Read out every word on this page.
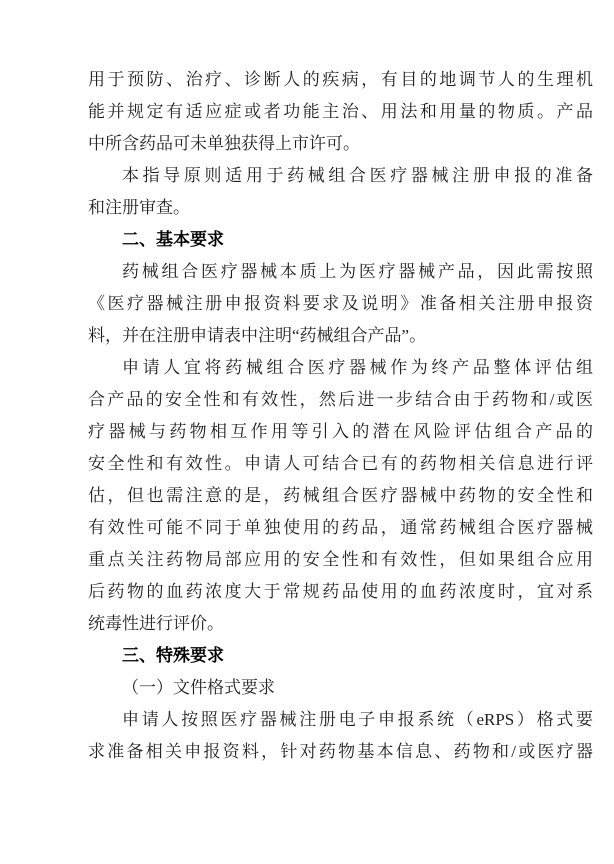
用于预防、治疗、诊断人的疾病，有目的地调节人的生理机
能并规定有适应症或者功能主治、用法和用量的物质。产品
中所含药品可未单独获得上市许可。
本指导原则适用于药械组合医疗器械注册申报的准备
和注册审查。
二、基本要求
药械组合医疗器械本质上为医疗器械产品，因此需按照
《医疗器械注册申报资料要求及说明》准备相关注册申报资
料，并在注册申请表中注明“药械组合产品”。
申请人宜将药械组合医疗器械作为终产品整体评估组
合产品的安全性和有效性，然后进一步结合由于药物和/或医
疗器械与药物相互作用等引入的潜在风险评估组合产品的
安全性和有效性。申请人可结合已有的药物相关信息进行评
估，但也需注意的是，药械组合医疗器械中药物的安全性和
有效性可能不同于单独使用的药品，通常药械组合医疗器械
重点关注药物局部应用的安全性和有效性，但如果组合应用
后药物的血药浓度大于常规药品使用的血药浓度时，宜对系
统毒性进行评价。
三、特殊要求
（一）文件格式要求
申请人按照医疗器械注册电子申报系统（eRPS）格式要
求准备相关申报资料，针对药物基本信息、药物和/或医疗器
